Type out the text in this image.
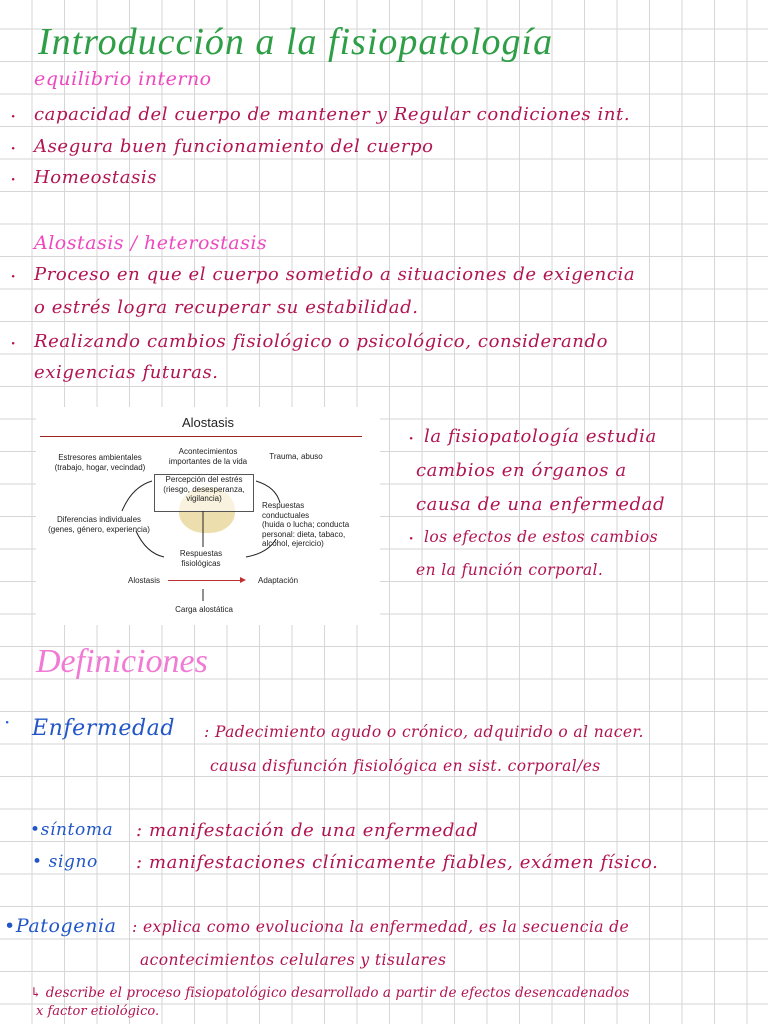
Introducción a la fisiopatología
equilibrio interno
· capacidad del cuerpo de mantener y Regular condiciones int.
· Asegura buen funcionamiento del cuerpo
· Homeostasis
Alostasis / heterostasis
· Proceso en que el cuerpo sometido a situaciones de exigencia
o estrés logra recuperar su estabilidad.
· Realizando cambios fisiológico o psicológico, considerando
exigencias futuras.
Alostasis
Estresores ambientales
(trabajo, hogar, vecindad)
Acontecimientos
importantes de la vida	Trauma, abuso
Percepción del estrés
(riesgo, desesperanza,
vigilancia)
Diferencias individuales
(genes, género, experiencia)
Respuestas
conductuales
(huida o lucha; conducta
personal: dieta, tabaco,
alcohol, ejercicio)
Respuestas
fisiológicas
Alostasis	Adaptación
Carga alostática
· la fisiopatología estudia
cambios en órganos a
causa de una enfermedad
· los efectos de estos cambios
en la función corporal.
Definiciones
· Enfermedad : Padecimiento agudo o crónico, adquirido o al nacer.
causa disfunción fisiológica en sist. corporal/es
•síntoma : manifestación de una enfermedad
• signo : manifestaciones clínicamente fiables, exámen físico.
•Patogenia : explica como evoluciona la enfermedad, es la secuencia de
acontecimientos celulares y tisulares
↳ describe el proceso fisiopatológico desarrollado a partir de efectos desencadenados
x factor etiológico.
